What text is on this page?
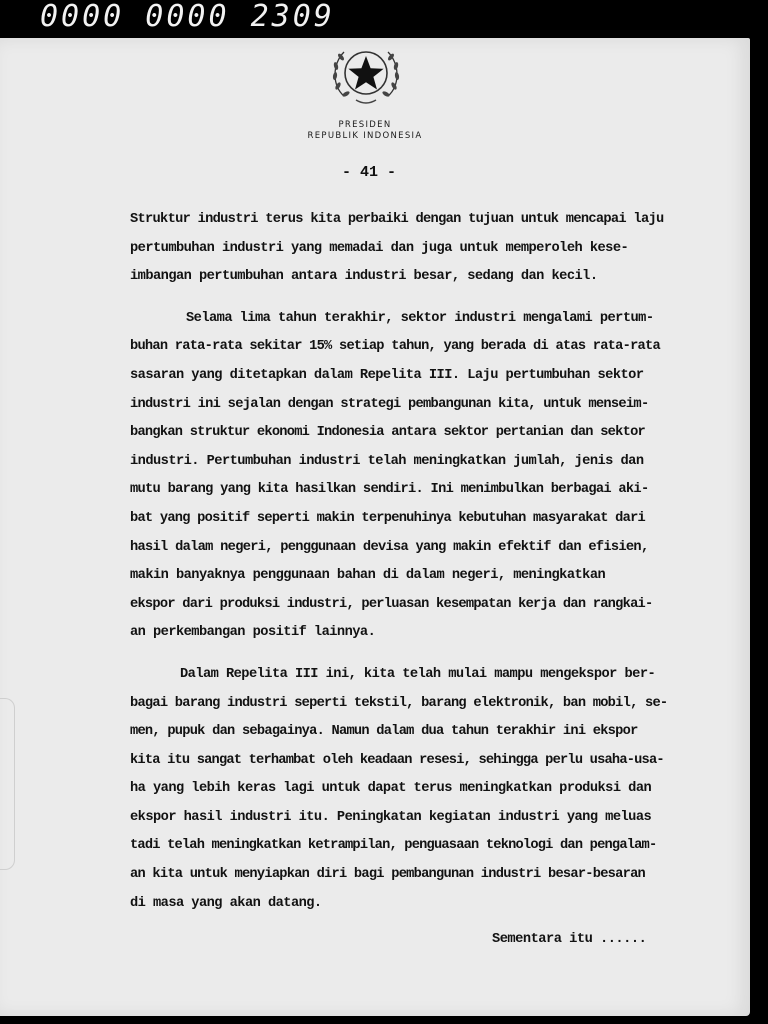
0000 0000 2309
PRESIDEN
REPUBLIK INDONESIA
- 41 -
Struktur industri terus kita perbaiki dengan tujuan untuk mencapai laju
pertumbuhan industri yang memadai dan juga untuk memperoleh kese-
imbangan pertumbuhan antara industri besar, sedang dan kecil.
Selama lima tahun terakhir, sektor industri mengalami pertum-
buhan rata-rata sekitar 15% setiap tahun, yang berada di atas rata-rata
sasaran yang ditetapkan dalam Repelita III. Laju pertumbuhan sektor
industri ini sejalan dengan strategi pembangunan kita, untuk menseim-
bangkan struktur ekonomi Indonesia antara sektor pertanian dan sektor
industri. Pertumbuhan industri telah meningkatkan jumlah, jenis dan
mutu barang yang kita hasilkan sendiri. Ini menimbulkan berbagai aki-
bat yang positif seperti makin terpenuhinya kebutuhan masyarakat dari
hasil dalam negeri, penggunaan devisa yang makin efektif dan efisien,
makin banyaknya penggunaan bahan di dalam negeri, meningkatkan
ekspor dari produksi industri, perluasan kesempatan kerja dan rangkai-
an perkembangan positif lainnya.
Dalam Repelita III ini, kita telah mulai mampu mengekspor ber-
bagai barang industri seperti tekstil, barang elektronik, ban mobil, se-
men, pupuk dan sebagainya. Namun dalam dua tahun terakhir ini ekspor
kita itu sangat terhambat oleh keadaan resesi, sehingga perlu usaha-usa-
ha yang lebih keras lagi untuk dapat terus meningkatkan produksi dan
ekspor hasil industri itu. Peningkatan kegiatan industri yang meluas
tadi telah meningkatkan ketrampilan, penguasaan teknologi dan pengalam-
an kita untuk menyiapkan diri bagi pembangunan industri besar-besaran
di masa yang akan datang.
Sementara itu ......
